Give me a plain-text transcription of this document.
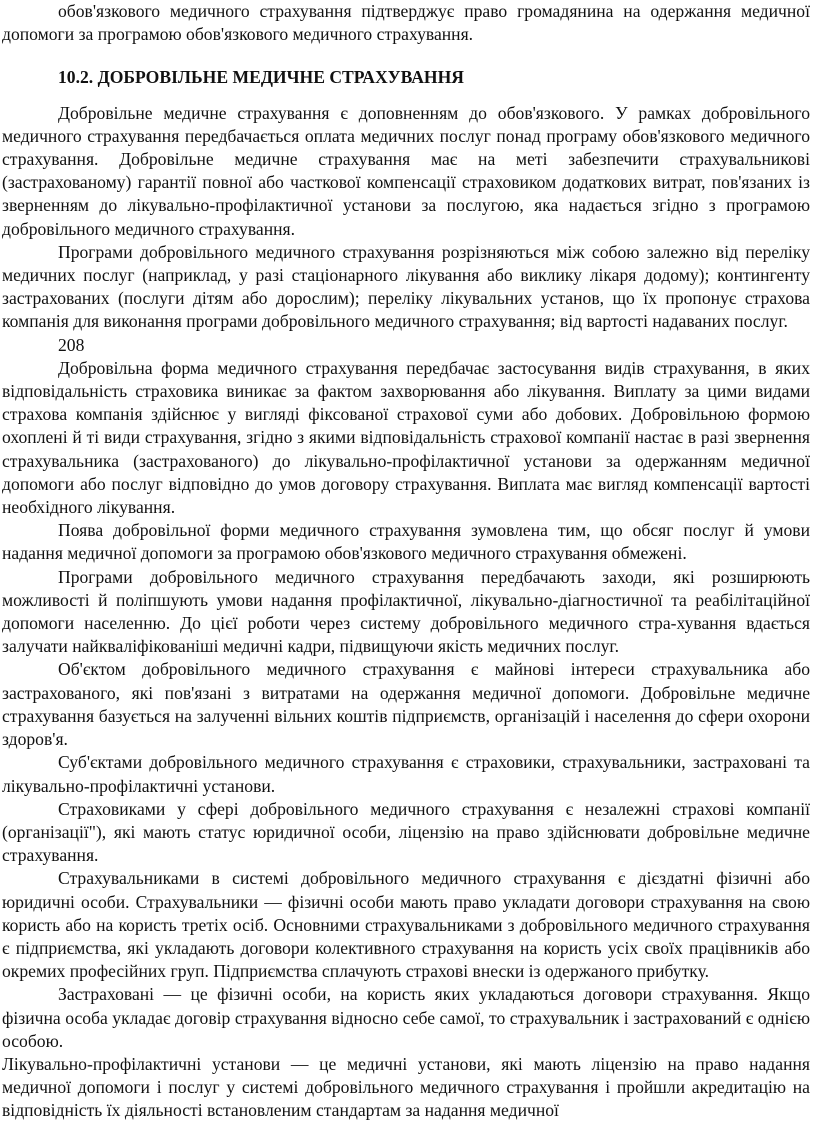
обов'язкового медичного страхування підтверджує право громадянина на одержання медичної допомоги за програмою обов'язкового медичного страхування.

10.2. ДОБРОВІЛЬНЕ МЕДИЧНЕ СТРАХУВАННЯ

Добровільне медичне страхування є доповненням до обов'язкового. У рамках добровільного медичного страхування передбачається оплата медичних послуг понад програму обов'язкового медичного страхування. Добровільне медичне страхування має на меті забезпечити страхувальникові (застрахованому) гарантії повної або часткової компенсації страховиком додаткових витрат, пов'язаних із зверненням до лікувально-профілактичної установи за послугою, яка надається згідно з програмою добровільного медичного страхування.

Програми добровільного медичного страхування розрізняються між собою залежно від переліку медичних послуг (наприклад, у разі стаціонарного лікування або виклику лікаря додому); контингенту застрахованих (послуги дітям або дорослим); переліку лікувальних установ, що їх пропонує страхова компанія для виконання програми добровільного медичного страхування; від вартості надаваних послуг.

208

Добровільна форма медичного страхування передбачає застосування видів страхування, в яких відповідальність страховика виникає за фактом захворювання або лікування. Виплату за цими видами страхова компанія здійснює у вигляді фіксованої страхової суми або добових. Добровільною формою охоплені й ті види страхування, згідно з якими відповідальність страхової компанії настає в разі звернення страхувальника (застрахованого) до лікувально-профілактичної установи за одержанням медичної допомоги або послуг відповідно до умов договору страхування. Виплата має вигляд компенсації вартості необхідного лікування.

Поява добровільної форми медичного страхування зумовлена тим, що обсяг послуг й умови надання медичної допомоги за програмою обов'язкового медичного страхування обмежені.

Програми добровільного медичного страхування передбачають заходи, які розширюють можливості й поліпшують умови надання профілактичної, лікувально-діагностичної та реабілітаційної допомоги населенню. До цієї роботи через систему добровільного медичного стра-хування вдається залучати найкваліфікованіші медичні кадри, підвищуючи якість медичних послуг.

Об'єктом добровільного медичного страхування є майнові інтереси страхувальника або застрахованого, які пов'язані з витратами на одержання медичної допомоги. Добровільне медичне страхування базується на залученні вільних коштів підприємств, організацій і населення до сфери охорони здоров'я.

Суб'єктами добровільного медичного страхування є страховики, страхувальники, застраховані та лікувально-профілактичні установи.

Страховиками у сфері добровільного медичного страхування є незалежні страхові компанії (організації"), які мають статус юридичної особи, ліцензію на право здійснювати добровільне медичне страхування.

Страхувальниками в системі добровільного медичного страхування є дієздатні фізичні або юридичні особи. Страхувальники — фізичні особи мають право укладати договори страхування на свою користь або на користь третіх осіб. Основними страхувальниками з добровільного медичного страхування є підприємства, які укладають договори колективного страхування на користь усіх своїх працівників або окремих професійних груп. Підприємства сплачують страхові внески із одержаного прибутку.

Застраховані — це фізичні особи, на користь яких укладаються договори страхування. Якщо фізична особа укладає договір страхування відносно себе самої, то страхувальник і застрахований є однією особою.

Лікувально-профілактичні установи — це медичні установи, які мають ліцензію на право надання медичної допомоги і послуг у системі добровільного медичного страхування і пройшли акредитацію на відповідність їх діяльності встановленим стандартам за надання медичної
